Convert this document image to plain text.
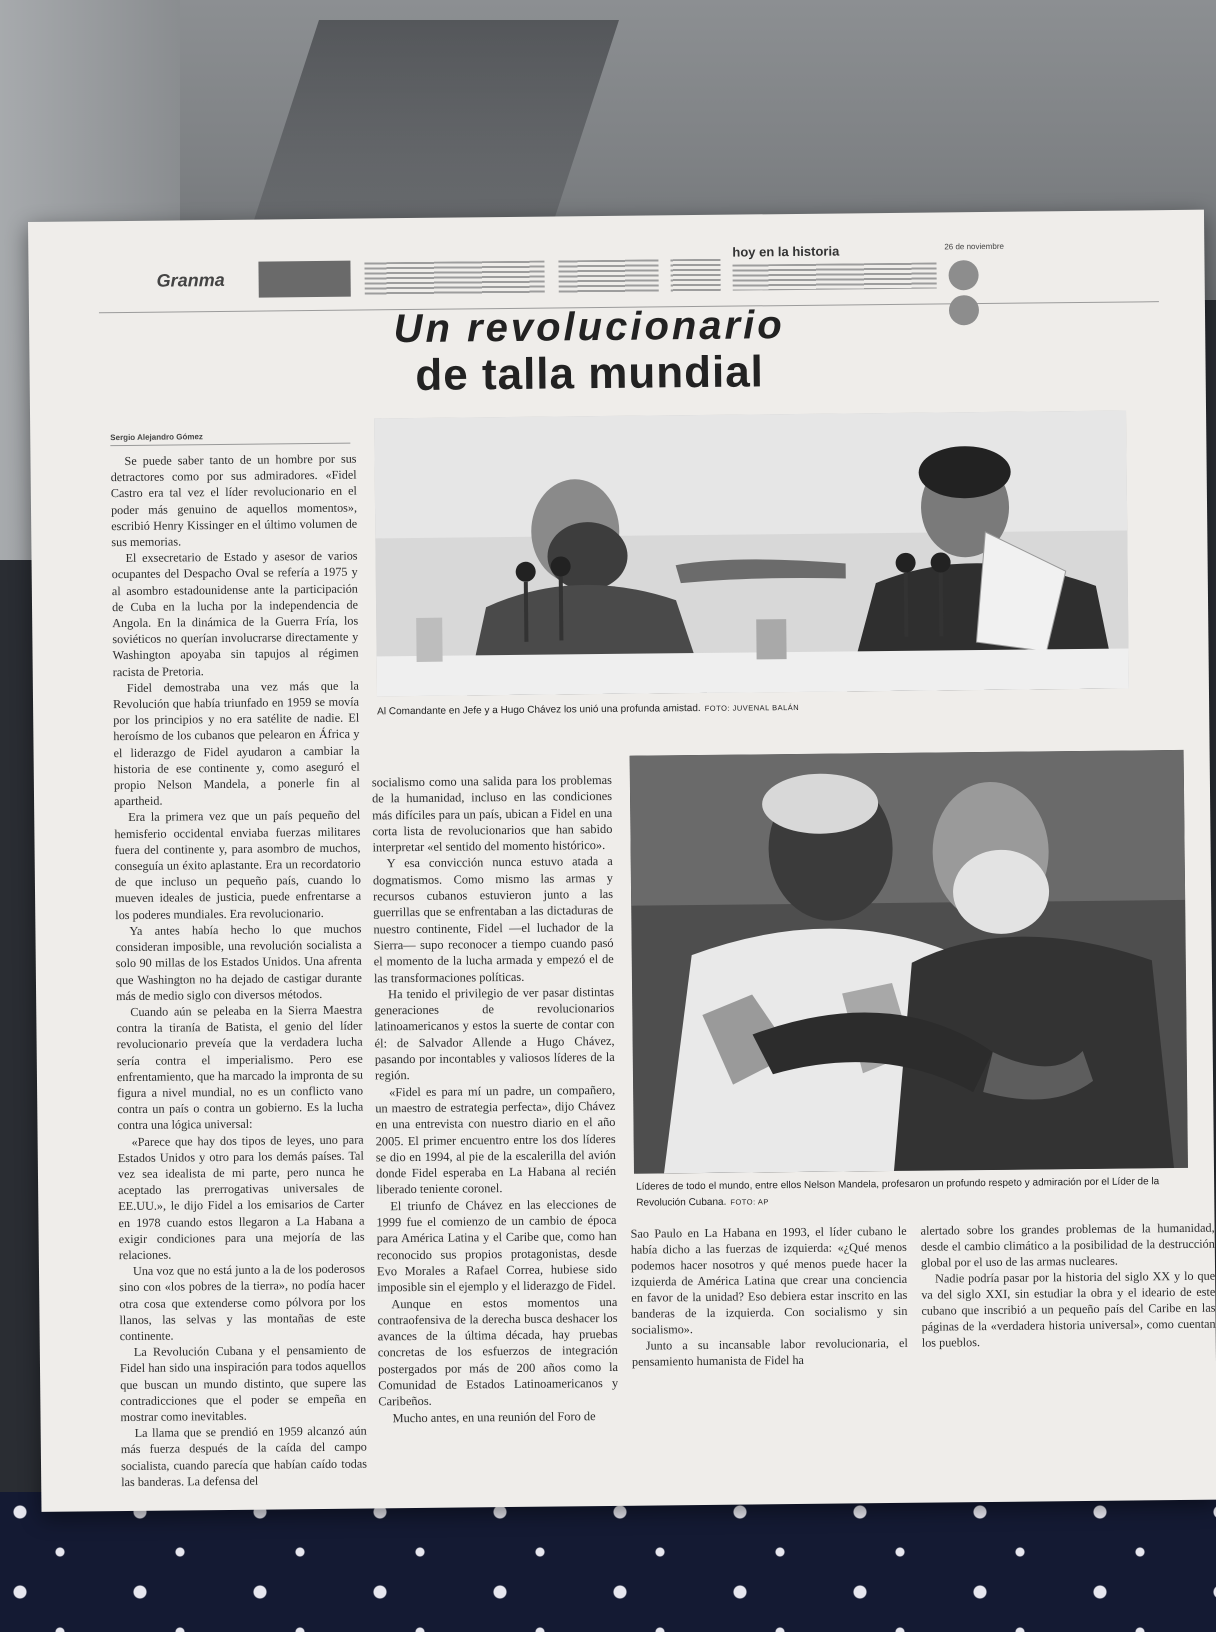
Granma
hoy en la historia	26 de noviembre
Un revolucionario
de talla mundial
Sergio Alejandro Gómez

Se puede saber tanto de un hombre por sus detractores como por sus admiradores. «Fidel Castro era tal vez el líder revolucionario en el poder más genuino de aquellos momentos», escribió Henry Kissinger en el último volumen de sus memorias.

El exsecretario de Estado y asesor de varios ocupantes del Despacho Oval se refería a 1975 y al asombro estadounidense ante la participación de Cuba en la lucha por la independencia de Angola. En la dinámica de la Guerra Fría, los soviéticos no querían involucrarse directamente y Washington apoyaba sin tapujos al régimen racista de Pretoria.

Fidel demostraba una vez más que la Revolución que había triunfado en 1959 se movía por los principios y no era satélite de nadie. El heroísmo de los cubanos que pelearon en África y el liderazgo de Fidel ayudaron a cambiar la historia de ese continente y, como aseguró el propio Nelson Mandela, a ponerle fin al apartheid.

Era la primera vez que un país pequeño del hemisferio occidental enviaba fuerzas militares fuera del continente y, para asombro de muchos, conseguía un éxito aplastante. Era un recordatorio de que incluso un pequeño país, cuando lo mueven ideales de justicia, puede enfrentarse a los poderes mundiales. Era revolucionario.

Ya antes había hecho lo que muchos consideran imposible, una revolución socialista a solo 90 millas de los Estados Unidos. Una afrenta que Washington no ha dejado de castigar durante más de medio siglo con diversos métodos.

Cuando aún se peleaba en la Sierra Maestra contra la tiranía de Batista, el genio del líder revolucionario preveía que la verdadera lucha sería contra el imperialismo. Pero ese enfrentamiento, que ha marcado la impronta de su figura a nivel mundial, no es un conflicto vano contra un país o contra un gobierno. Es la lucha contra una lógica universal:

«Parece que hay dos tipos de leyes, uno para Estados Unidos y otro para los demás países. Tal vez sea idealista de mi parte, pero nunca he aceptado las prerrogativas universales de EE.UU.», le dijo Fidel a los emisarios de Carter en 1978 cuando estos llegaron a La Habana a exigir condiciones para una mejoría de las relaciones.

Una voz que no está junto a la de los poderosos sino con «los pobres de la tierra», no podía hacer otra cosa que extenderse como pólvora por los llanos, las selvas y las montañas de este continente.

La Revolución Cubana y el pensamiento de Fidel han sido una inspiración para todos aquellos que buscan un mundo distinto, que supere las contradicciones que el poder se empeña en mostrar como inevitables.

La llama que se prendió en 1959 alcanzó aún más fuerza después de la caída del campo socialista, cuando parecía que habían caído todas las banderas. La defensa del

Al Comandante en Jefe y a Hugo Chávez los unió una profunda amistad. FOTO: JUVENAL BALÁN

socialismo como una salida para los problemas de la humanidad, incluso en las condiciones más difíciles para un país, ubican a Fidel en una corta lista de revolucionarios que han sabido interpretar «el sentido del momento histórico».

Y esa convicción nunca estuvo atada a dogmatismos. Como mismo las armas y recursos cubanos estuvieron junto a las guerrillas que se enfrentaban a las dictaduras de nuestro continente, Fidel —el luchador de la Sierra— supo reconocer a tiempo cuando pasó el momento de la lucha armada y empezó el de las transformaciones políticas.

Ha tenido el privilegio de ver pasar distintas generaciones de revolucionarios latinoamericanos y estos la suerte de contar con él: de Salvador Allende a Hugo Chávez, pasando por incontables y valiosos líderes de la región.

«Fidel es para mí un padre, un compañero, un maestro de estrategia perfecta», dijo Chávez en una entrevista con nuestro diario en el año 2005. El primer encuentro entre los dos líderes se dio en 1994, al pie de la escalerilla del avión donde Fidel esperaba en La Habana al recién liberado teniente coronel.

El triunfo de Chávez en las elecciones de 1999 fue el comienzo de un cambio de época para América Latina y el Caribe que, como han reconocido sus propios protagonistas, desde Evo Morales a Rafael Correa, hubiese sido imposible sin el ejemplo y el liderazgo de Fidel.

Aunque en estos momentos una contraofensiva de la derecha busca deshacer los avances de la última década, hay pruebas concretas de los esfuerzos de integración postergados por más de 200 años como la Comunidad de Estados Latinoamericanos y Caribeños.

Mucho antes, en una reunión del Foro de

Líderes de todo el mundo, entre ellos Nelson Mandela, profesaron un profundo respeto y admiración por el Líder de la Revolución Cubana. FOTO: AP

Sao Paulo en La Habana en 1993, el líder cubano le había dicho a las fuerzas de izquierda: «¿Qué menos podemos hacer nosotros y qué menos puede hacer la izquierda de América Latina que crear una conciencia en favor de la unidad? Eso debiera estar inscrito en las banderas de la izquierda. Con socialismo y sin socialismo».

Junto a su incansable labor revolucionaria, el pensamiento humanista de Fidel ha

alertado sobre los grandes problemas de la humanidad, desde el cambio climático a la posibilidad de la destrucción global por el uso de las armas nucleares.

Nadie podría pasar por la historia del siglo XX y lo que va del siglo XXI, sin estudiar la obra y el ideario de este cubano que inscribió a un pequeño país del Caribe en las páginas de la «verdadera historia universal», como cuentan los pueblos.
